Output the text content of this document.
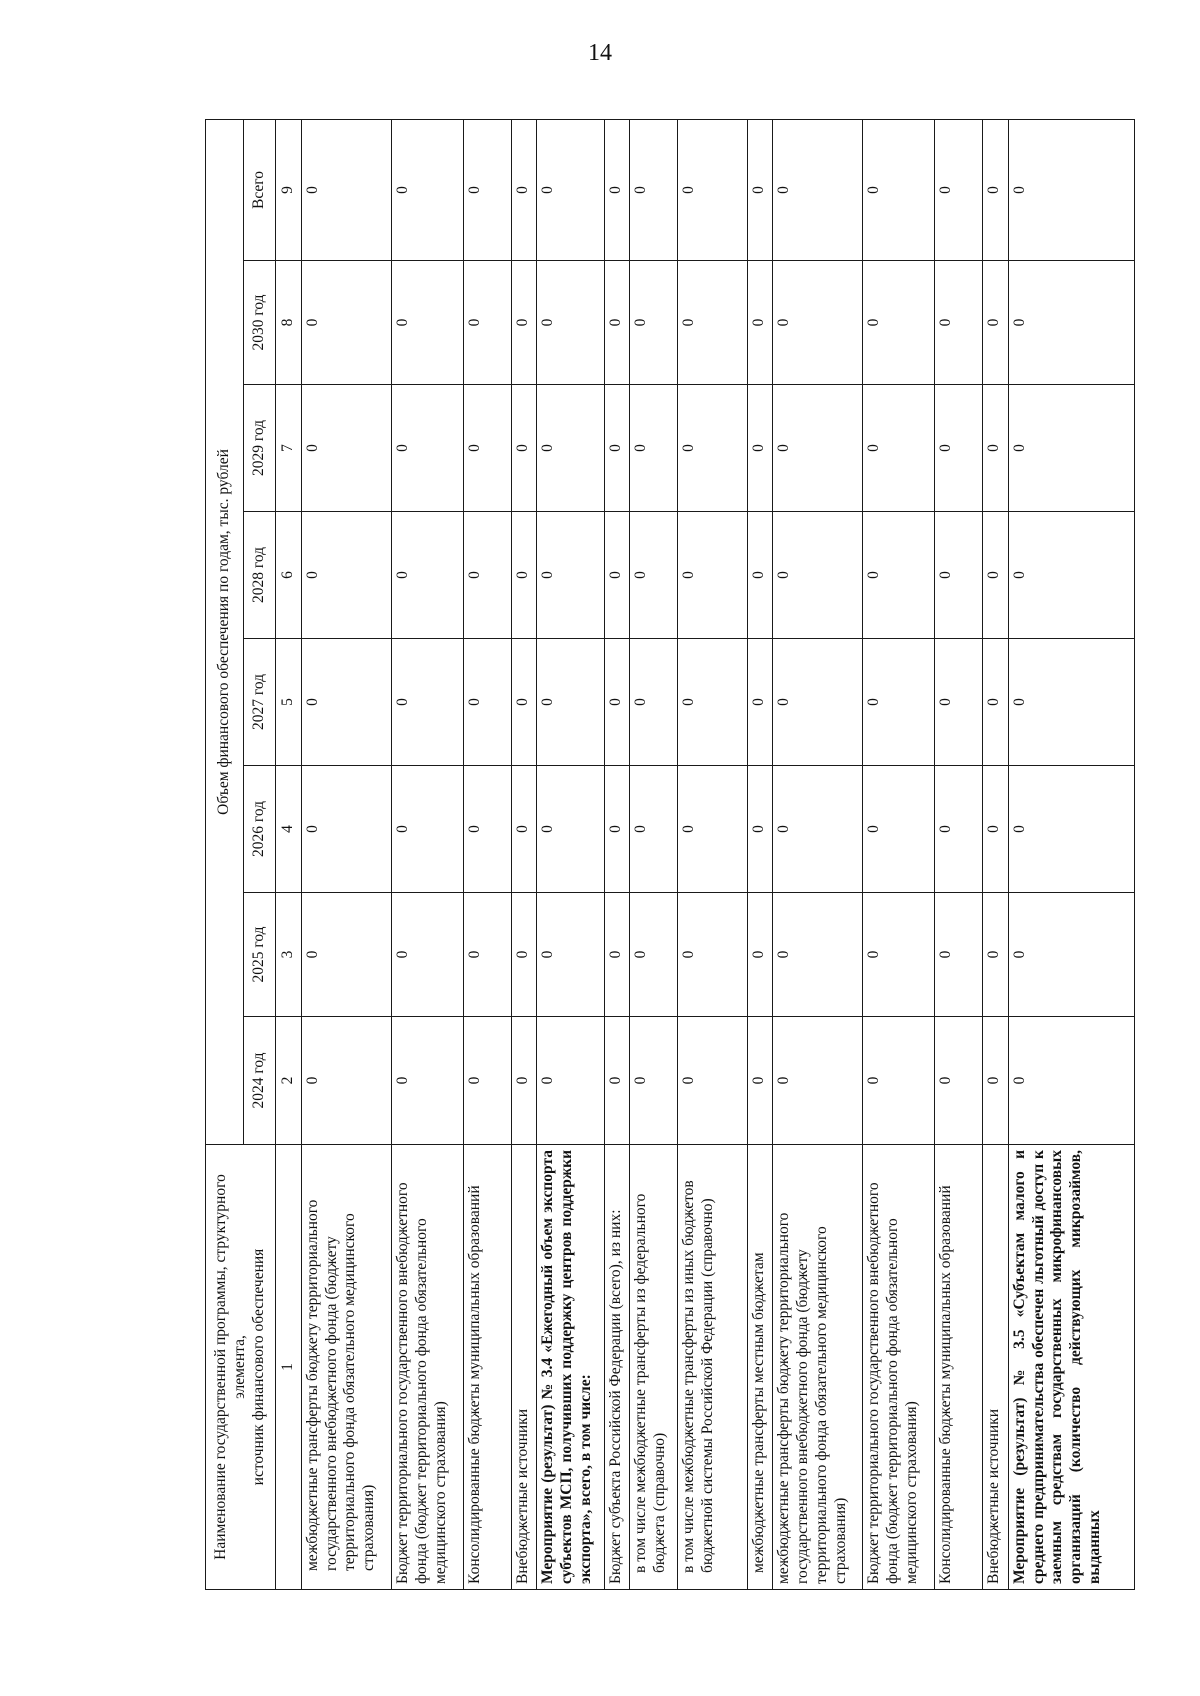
14
Наименование государственной программы, структурного элемента, источник финансового обеспечения	Объем финансового обеспечения по годам, тыс. рублей							
	2024 год	2025 год	2026 год	2027 год	2028 год	2029 год	2030 год	Всего
1	2	3	4	5	6	7	8	9
межбюджетные трансферты бюджету территориального государственного внебюджетного фонда (бюджету территориального фонда обязательного медицинского страхования)	0	0	0	0	0	0	0	0
Бюджет территориального государственного внебюджетного фонда (бюджет территориального фонда обязательного медицинского страхования)	0	0	0	0	0	0	0	0
Консолидированные бюджеты муниципальных образований	0	0	0	0	0	0	0	0
Внебюджетные источники	0	0	0	0	0	0	0	0
Мероприятие (результат) № 3.4 «Ежегодный объем экспорта субъектов МСП, получивших поддержку центров поддержки экспорта», всего, в том числе:	0	0	0	0	0	0	0	0
Бюджет субъекта Российской Федерации (всего), из них:	0	0	0	0	0	0	0	0
в том числе межбюджетные трансферты из федерального бюджета (справочно)	0	0	0	0	0	0	0	0
в том числе межбюджетные трансферты из иных бюджетов бюджетной системы Российской Федерации (справочно)	0	0	0	0	0	0	0	0
межбюджетные трансферты местным бюджетам	0	0	0	0	0	0	0	0
межбюджетные трансферты бюджету территориального государственного внебюджетного фонда (бюджету территориального фонда обязательного медицинского страхования)	0	0	0	0	0	0	0	0
Бюджет территориального государственного внебюджетного фонда (бюджет территориального фонда обязательного медицинского страхования)	0	0	0	0	0	0	0	0
Консолидированные бюджеты муниципальных образований	0	0	0	0	0	0	0	0
Внебюджетные источники	0	0	0	0	0	0	0	0
Мероприятие (результат) № 3.5 «Субъектам малого и среднего предпринимательства обеспечен льготный доступ к заемным средствам государственных микрофинансовых организаций (количество действующих микрозаймов, выданных	0	0	0	0	0	0	0	0
